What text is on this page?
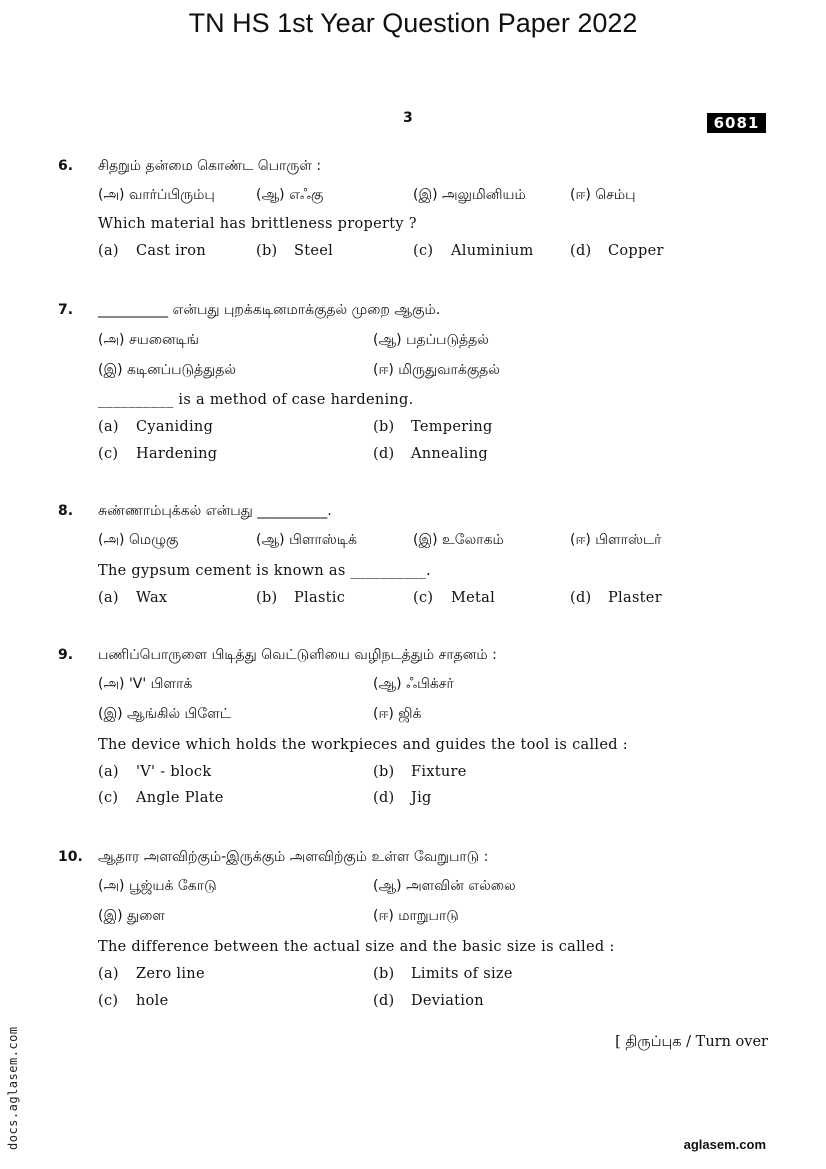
TN HS 1st Year Question Paper 2022
3	6081
6. சிதறும் தன்மை கொண்ட பொருள் :
(அ) வார்ப்பிரும்பு	(ஆ) எஃகு	(இ) அலுமினியம்	(ஈ) செம்பு
Which material has brittleness property ?
(a) Cast iron	(b) Steel	(c) Aluminium	(d) Copper
7. __________ என்பது புறக்கடினமாக்குதல் முறை ஆகும்.
(அ) சயனைடிங்	(ஆ) பதப்படுத்தல்
(இ) கடினப்படுத்துதல்	(ஈ) மிருதுவாக்குதல்
__________ is a method of case hardening.
(a) Cyaniding	(b) Tempering
(c) Hardening	(d) Annealing
8. சுண்ணாம்புக்கல் என்பது __________.
(அ) மெழுகு	(ஆ) பிளாஸ்டிக்	(இ) உலோகம்	(ஈ) பிளாஸ்டர்
The gypsum cement is known as __________.
(a) Wax	(b) Plastic	(c) Metal	(d) Plaster
9. பணிப்பொருளை பிடித்து வெட்டுளியை வழிநடத்தும் சாதனம் :
(அ) 'V' பிளாக்	(ஆ) ஃபிக்சர்
(இ) ஆங்கில் பிளேட்	(ஈ) ஜிக்
The device which holds the workpieces and guides the tool is called :
(a) 'V' - block	(b) Fixture
(c) Angle Plate	(d) Jig
10. ஆதார அளவிற்கும்-இருக்கும் அளவிற்கும் உள்ள வேறுபாடு :
(அ) பூஜ்யக் கோடு	(ஆ) அளவின் எல்லை
(இ) துளை	(ஈ) மாறுபாடு
The difference between the actual size and the basic size is called :
(a) Zero line	(b) Limits of size
(c) hole	(d) Deviation
[ திருப்புக / Turn over
docs.aglasem.com	aglasem.com
